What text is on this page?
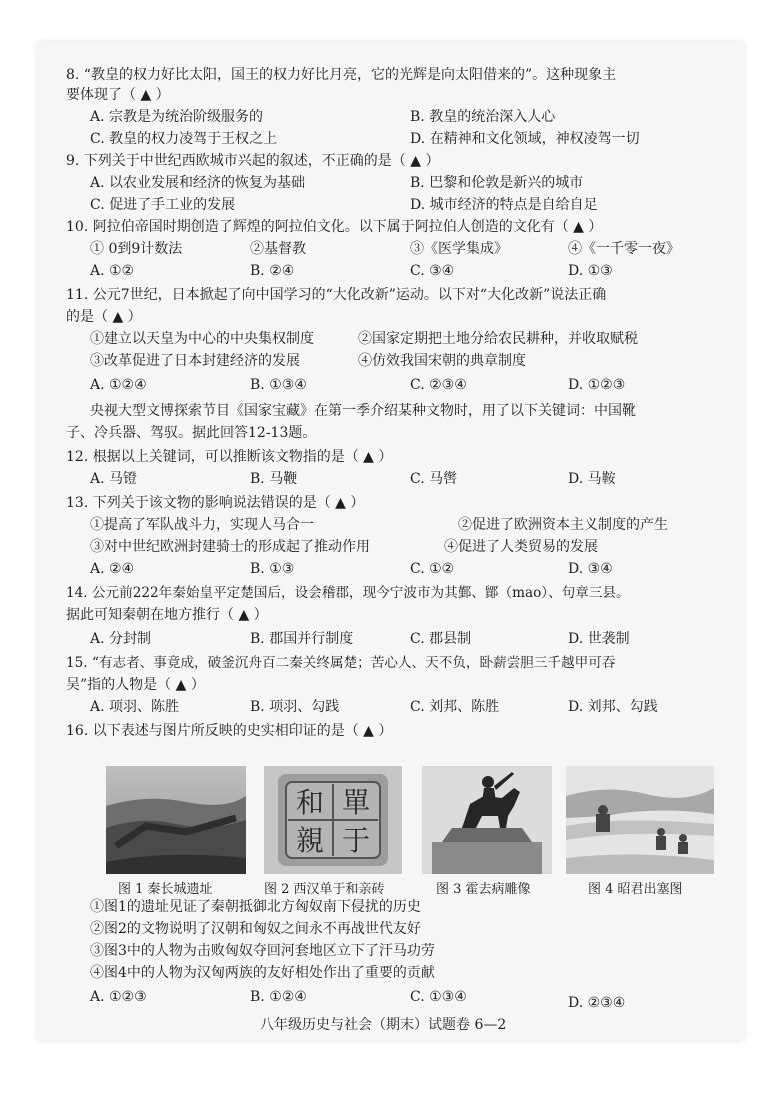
8. “教皇的权力好比太阳，国王的权力好比月亮，它的光辉是向太阳借来的”。这种现象主
要体现了（ ▲ ）
A. 宗教是为统治阶级服务的	B. 教皇的统治深入人心
C. 教皇的权力凌驾于王权之上	D. 在精神和文化领域，神权凌驾一切
9. 下列关于中世纪西欧城市兴起的叙述，不正确的是（ ▲ ）
A. 以农业发展和经济的恢复为基础	B. 巴黎和伦敦是新兴的城市
C. 促进了手工业的发展	D. 城市经济的特点是自给自足
10. 阿拉伯帝国时期创造了辉煌的阿拉伯文化。以下属于阿拉伯人创造的文化有（ ▲ ）
① 0到9计数法	②基督教	③《医学集成》	④《一千零一夜》
A. ①②	B. ②④	C. ③④	D. ①③
11. 公元7世纪，日本掀起了向中国学习的“大化改新”运动。以下对“大化改新”说法正确
的是（ ▲ ）
①建立以天皇为中心的中央集权制度	②国家定期把土地分给农民耕种，并收取赋税
③改革促进了日本封建经济的发展	④仿效我国宋朝的典章制度
A. ①②④	B. ①③④	C. ②③④	D. ①②③
央视大型文博探索节目《国家宝藏》在第一季介绍某种文物时，用了以下关键词：中国靴
子、冷兵器、驾驭。据此回答12-13题。
12. 根据以上关键词，可以推断该文物指的是（ ▲ ）
A. 马镫	B. 马鞭	C. 马辔	D. 马鞍
13. 下列关于该文物的影响说法错误的是（ ▲ ）
①提高了军队战斗力，实现人马合一	②促进了欧洲资本主义制度的产生
③对中世纪欧洲封建骑士的形成起了推动作用	④促进了人类贸易的发展
A. ②④	B. ①③	C. ①②	D. ③④
14. 公元前222年秦始皇平定楚国后，设会稽郡，现今宁波市为其鄞、鄮（mao）、句章三县。
据此可知秦朝在地方推行（ ▲ ）
A. 分封制	B. 郡国并行制度	C. 郡县制	D. 世袭制
15. “有志者、事竟成，破釜沉舟百二秦关终属楚；苦心人、天不负，卧薪尝胆三千越甲可吞
吴”指的人物是（ ▲ ）
A. 项羽、陈胜	B. 项羽、勾践	C. 刘邦、陈胜	D. 刘邦、勾践
16. 以下表述与图片所反映的史实相印证的是（ ▲ ）
單
于
和
親
图 1 秦长城遗址	图 2 西汉单于和亲砖	图 3 霍去病雕像	图 4 昭君出塞图
①图1的遗址见证了秦朝抵御北方匈奴南下侵扰的历史
②图2的文物说明了汉朝和匈奴之间永不再战世代友好
③图3中的人物为击败匈奴夺回河套地区立下了汗马功劳
④图4中的人物为汉匈两族的友好相处作出了重要的贡献
A. ①②③	B. ①②④	C. ①③④	D. ②③④
八年级历史与社会（期末）试题卷 6—2
